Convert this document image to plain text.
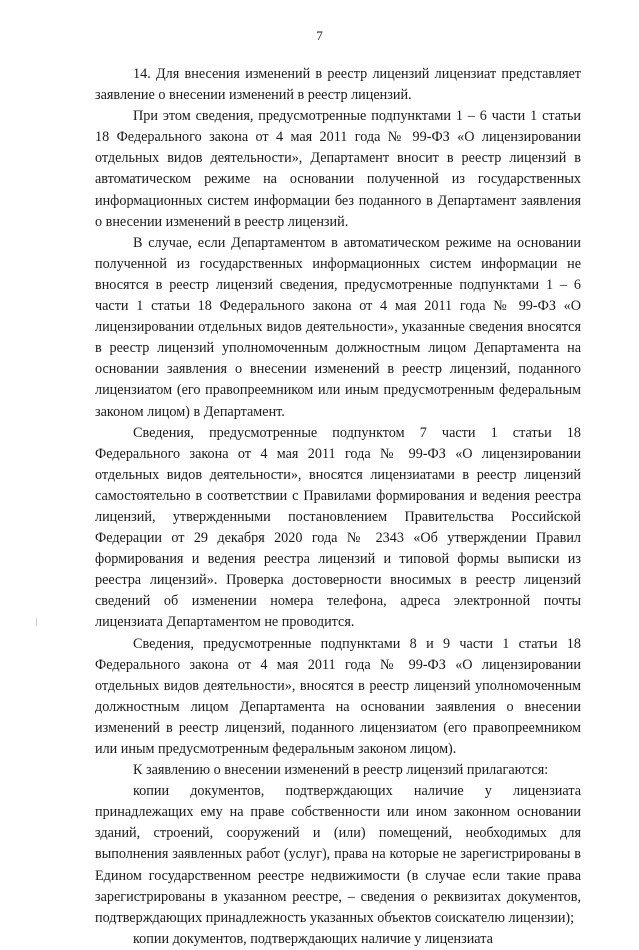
7

14. Для внесения изменений в реестр лицензий лицензиат представляет заявление о внесении изменений в реестр лицензий.

При этом сведения, предусмотренные подпунктами 1 – 6 части 1 статьи 18 Федерального закона от 4 мая 2011 года № 99-ФЗ «О лицензировании отдельных видов деятельности», Департамент вносит в реестр лицензий в автоматическом режиме на основании полученной из государственных информационных систем информации без поданного в Департамент заявления о внесении изменений в реестр лицензий.

В случае, если Департаментом в автоматическом режиме на основании полученной из государственных информационных систем информации не вносятся в реестр лицензий сведения, предусмотренные подпунктами 1 – 6 части 1 статьи 18 Федерального закона от 4 мая 2011 года № 99-ФЗ «О лицензировании отдельных видов деятельности», указанные сведения вносятся в реестр лицензий уполномоченным должностным лицом Департамента на основании заявления о внесении изменений в реестр лицензий, поданного лицензиатом (его правопреемником или иным предусмотренным федеральным законом лицом) в Департамент.

Сведения, предусмотренные подпунктом 7 части 1 статьи 18 Федерального закона от 4 мая 2011 года № 99-ФЗ «О лицензировании отдельных видов деятельности», вносятся лицензиатами в реестр лицензий самостоятельно в соответствии с Правилами формирования и ведения реестра лицензий, утвержденными постановлением Правительства Российской Федерации от 29 декабря 2020 года № 2343 «Об утверждении Правил формирования и ведения реестра лицензий и типовой формы выписки из реестра лицензий». Проверка достоверности вносимых в реестр лицензий сведений об изменении номера телефона, адреса электронной почты лицензиата Департаментом не проводится.

Сведения, предусмотренные подпунктами 8 и 9 части 1 статьи 18 Федерального закона от 4 мая 2011 года № 99-ФЗ «О лицензировании отдельных видов деятельности», вносятся в реестр лицензий уполномоченным должностным лицом Департамента на основании заявления о внесении изменений в реестр лицензий, поданного лицензиатом (его правопреемником или иным предусмотренным федеральным законом лицом).

К заявлению о внесении изменений в реестр лицензий прилагаются:

копии документов, подтверждающих наличие у лицензиата принадлежащих ему на праве собственности или ином законном основании зданий, строений, сооружений и (или) помещений, необходимых для выполнения заявленных работ (услуг), права на которые не зарегистрированы в Едином государственном реестре недвижимости (в случае если такие права зарегистрированы в указанном реестре, – сведения о реквизитах документов, подтверждающих принадлежность указанных объектов соискателю лицензии);

копии документов, подтверждающих наличие у лицензиата
